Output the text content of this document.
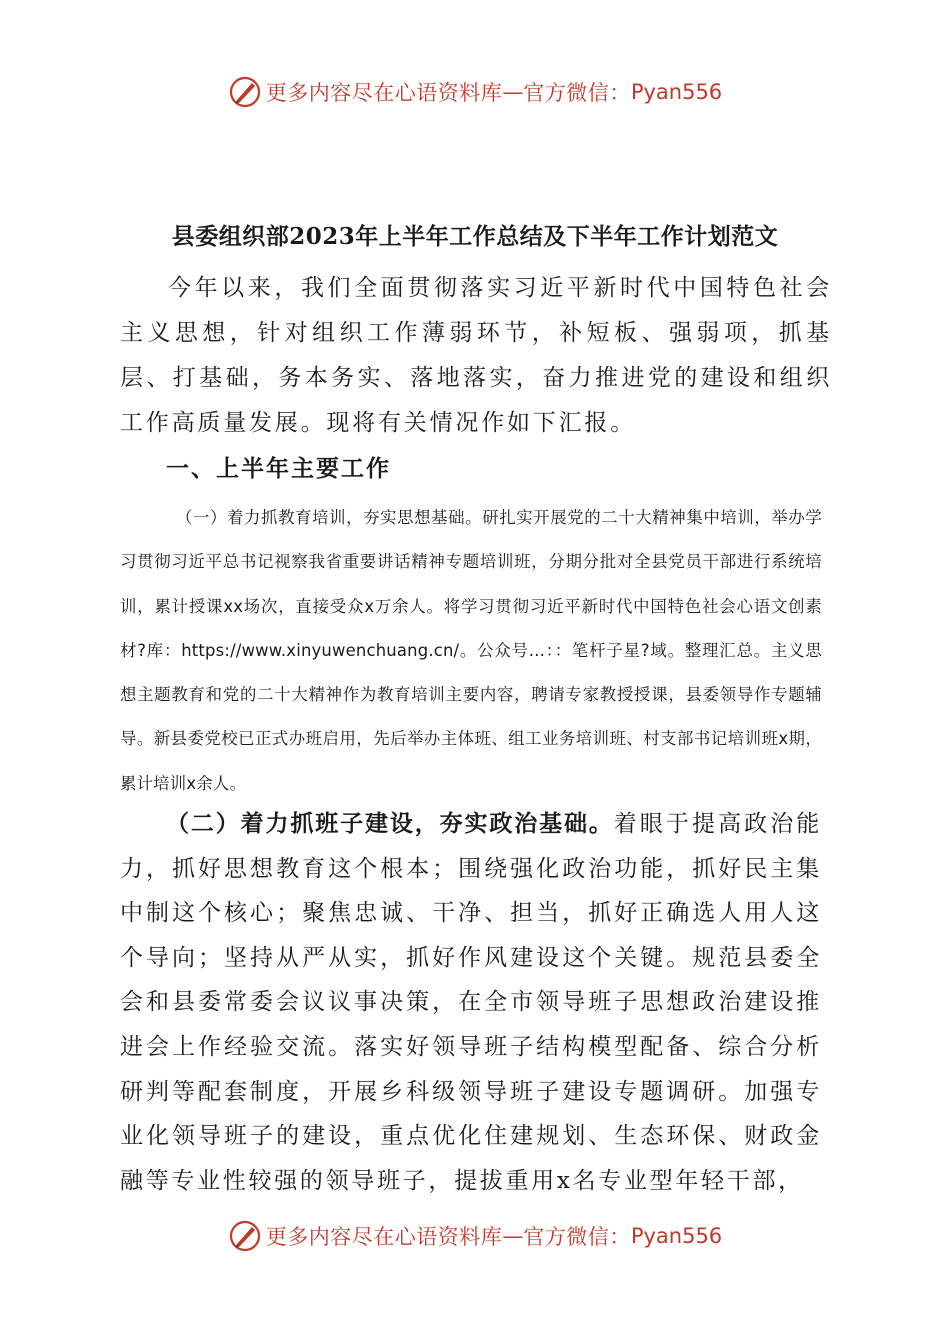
更多内容尽在心语资料库 — 官方微信： Pyan556
县委组织部2023年上半年工作总结及下半年工作计划范文

今年以来，我们全面贯彻落实习近平新时代中国特色社会主义思想，针对组织工作薄弱环节，补短板、强弱项，抓基层、打基础，务本务实、落地落实，奋力推进党的建设和组织工作高质量发展。现将有关情况作如下汇报。

一、上半年主要工作

（一）着力抓教育培训，夯实思想基础。研扎实开展党的二十大精神集中培训，举办学习贯彻习近平总书记视察我省重要讲话精神专题培训班，分期分批对全县党员干部进行系统培训，累计授课xx场次，直接受众x万余人。将学习贯彻习近平新时代中国特色社会心语文创素材?库：https://www.xinyuwenchuang.cn/。公众号...：：笔杆子星?域。整理汇总。主义思想主题教育和党的二十大精神作为教育培训主要内容，聘请专家教授授课，县委领导作专题辅导。新县委党校已正式办班启用，先后举办主体班、组工业务培训班、村支部书记培训班x期，累计培训x余人。

（二）着力抓班子建设，夯实政治基础。着眼于提高政治能力，抓好思想教育这个根本；围绕强化政治功能，抓好民主集中制这个核心；聚焦忠诚、干净、担当，抓好正确选人用人这个导向；坚持从严从实，抓好作风建设这个关键。规范县委全会和县委常委会议议事决策，在全市领导班子思想政治建设推进会上作经验交流。落实好领导班子结构模型配备、综合分析研判等配套制度，开展乡科级领导班子建设专题调研。加强专业化领导班子的建设，重点优化住建规划、生态环保、财政金融等专业性较强的领导班子，提拔重用x名专业型年轻干部，

更多内容尽在心语资料库 — 官方微信： Pyan556
